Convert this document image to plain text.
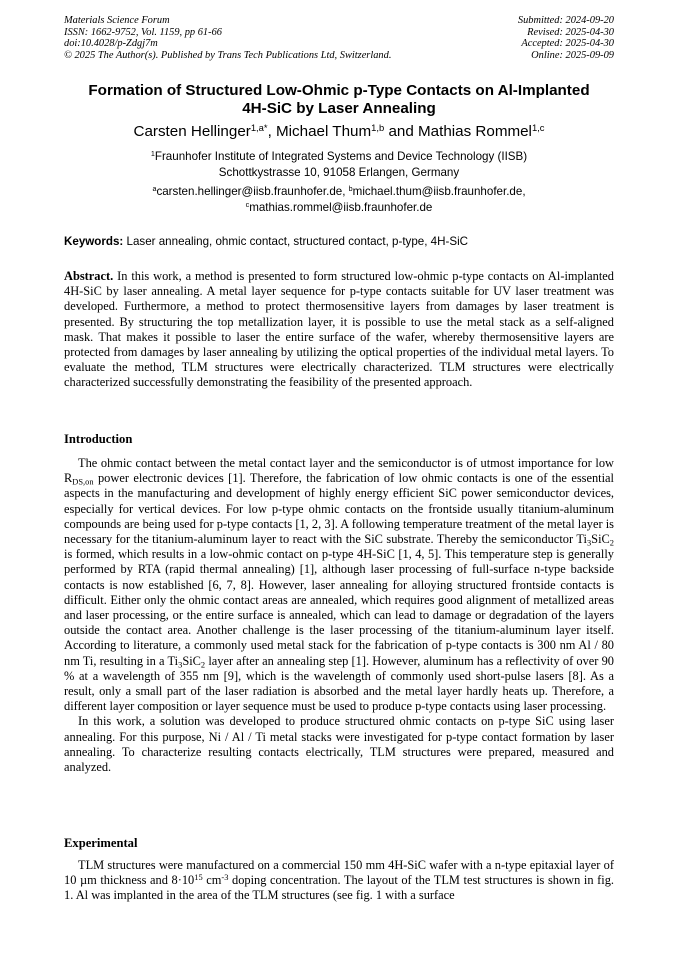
Materials Science Forum
ISSN: 1662-9752, Vol. 1159, pp 61-66
doi:10.4028/p-Zdgj7m
© 2025 The Author(s). Published by Trans Tech Publications Ltd, Switzerland.
Submitted: 2024-09-20
Revised: 2025-04-30
Accepted: 2025-04-30
Online: 2025-09-09
Formation of Structured Low-Ohmic p-Type Contacts on Al-Implanted
4H-SiC by Laser Annealing
Carsten Hellinger$^{1,a*}$, Michael Thum$^{1,b}$ and Mathias Rommel$^{1,c}$
$^1$Fraunhofer Institute of Integrated Systems and Device Technology (IISB)
Schottkystrasse 10, 91058 Erlangen, Germany
$^a$carsten.hellinger@iisb.fraunhofer.de, $^b$michael.thum@iisb.fraunhofer.de,
$^c$mathias.rommel@iisb.fraunhofer.de
Keywords: Laser annealing, ohmic contact, structured contact, p-type, 4H-SiC

Abstract. In this work, a method is presented to form structured low-ohmic p-type contacts on Al-implanted 4H-SiC by laser annealing. A metal layer sequence for p-type contacts suitable for UV laser treatment was developed. Furthermore, a method to protect thermosensitive layers from damages by laser treatment is presented. By structuring the top metallization layer, it is possible to use the metal stack as a self-aligned mask. That makes it possible to laser the entire surface of the wafer, whereby thermosensitive layers are protected from damages by laser annealing by utilizing the optical properties of the individual metal layers. To evaluate the method, TLM structures were electrically characterized. TLM structures were electrically characterized successfully demonstrating the feasibility of the presented approach.

Introduction

The ohmic contact between the metal contact layer and the semiconductor is of utmost importance for low $R_{DS,on}$ power electronic devices [1]. Therefore, the fabrication of low ohmic contacts is one of the essential aspects in the manufacturing and development of highly energy efficient SiC power semiconductor devices, especially for vertical devices. For low p-type ohmic contacts on the frontside usually titanium-aluminum compounds are being used for p-type contacts [1, 2, 3]. A following temperature treatment of the metal layer is necessary for the titanium-aluminum layer to react with the SiC substrate. Thereby the semiconductor $Ti_3SiC_2$ is formed, which results in a low-ohmic contact on p-type 4H-SiC [1, 4, 5]. This temperature step is generally performed by RTA (rapid thermal annealing) [1], although laser processing of full-surface n-type backside contacts is now established [6, 7, 8]. However, laser annealing for alloying structured frontside contacts is difficult. Either only the ohmic contact areas are annealed, which requires good alignment of metallized areas and laser processing, or the entire surface is annealed, which can lead to damage or degradation of the layers outside the contact area. Another challenge is the laser processing of the titanium-aluminum layer itself. According to literature, a commonly used metal stack for the fabrication of p-type contacts is 300 nm Al / 80 nm Ti, resulting in a $Ti_3SiC_2$ layer after an annealing step [1]. However, aluminum has a reflectivity of over 90 % at a wavelength of 355 nm [9], which is the wavelength of commonly used short-pulse lasers [8]. As a result, only a small part of the laser radiation is absorbed and the metal layer hardly heats up. Therefore, a different layer composition or layer sequence must be used to produce p-type contacts using laser processing.

In this work, a solution was developed to produce structured ohmic contacts on p-type SiC using laser annealing. For this purpose, Ni / Al / Ti metal stacks were investigated for p-type contact formation by laser annealing. To characterize resulting contacts electrically, TLM structures were prepared, measured and analyzed.

Experimental

TLM structures were manufactured on a commercial 150 mm 4H-SiC wafer with a n-type epitaxial layer of 10 µm thickness and $8\cdot 10^{15}$ $cm^{-3}$ doping concentration. The layout of the TLM test structures is shown in fig. 1. Al was implanted in the area of the TLM structures (see fig. 1 with a surface
